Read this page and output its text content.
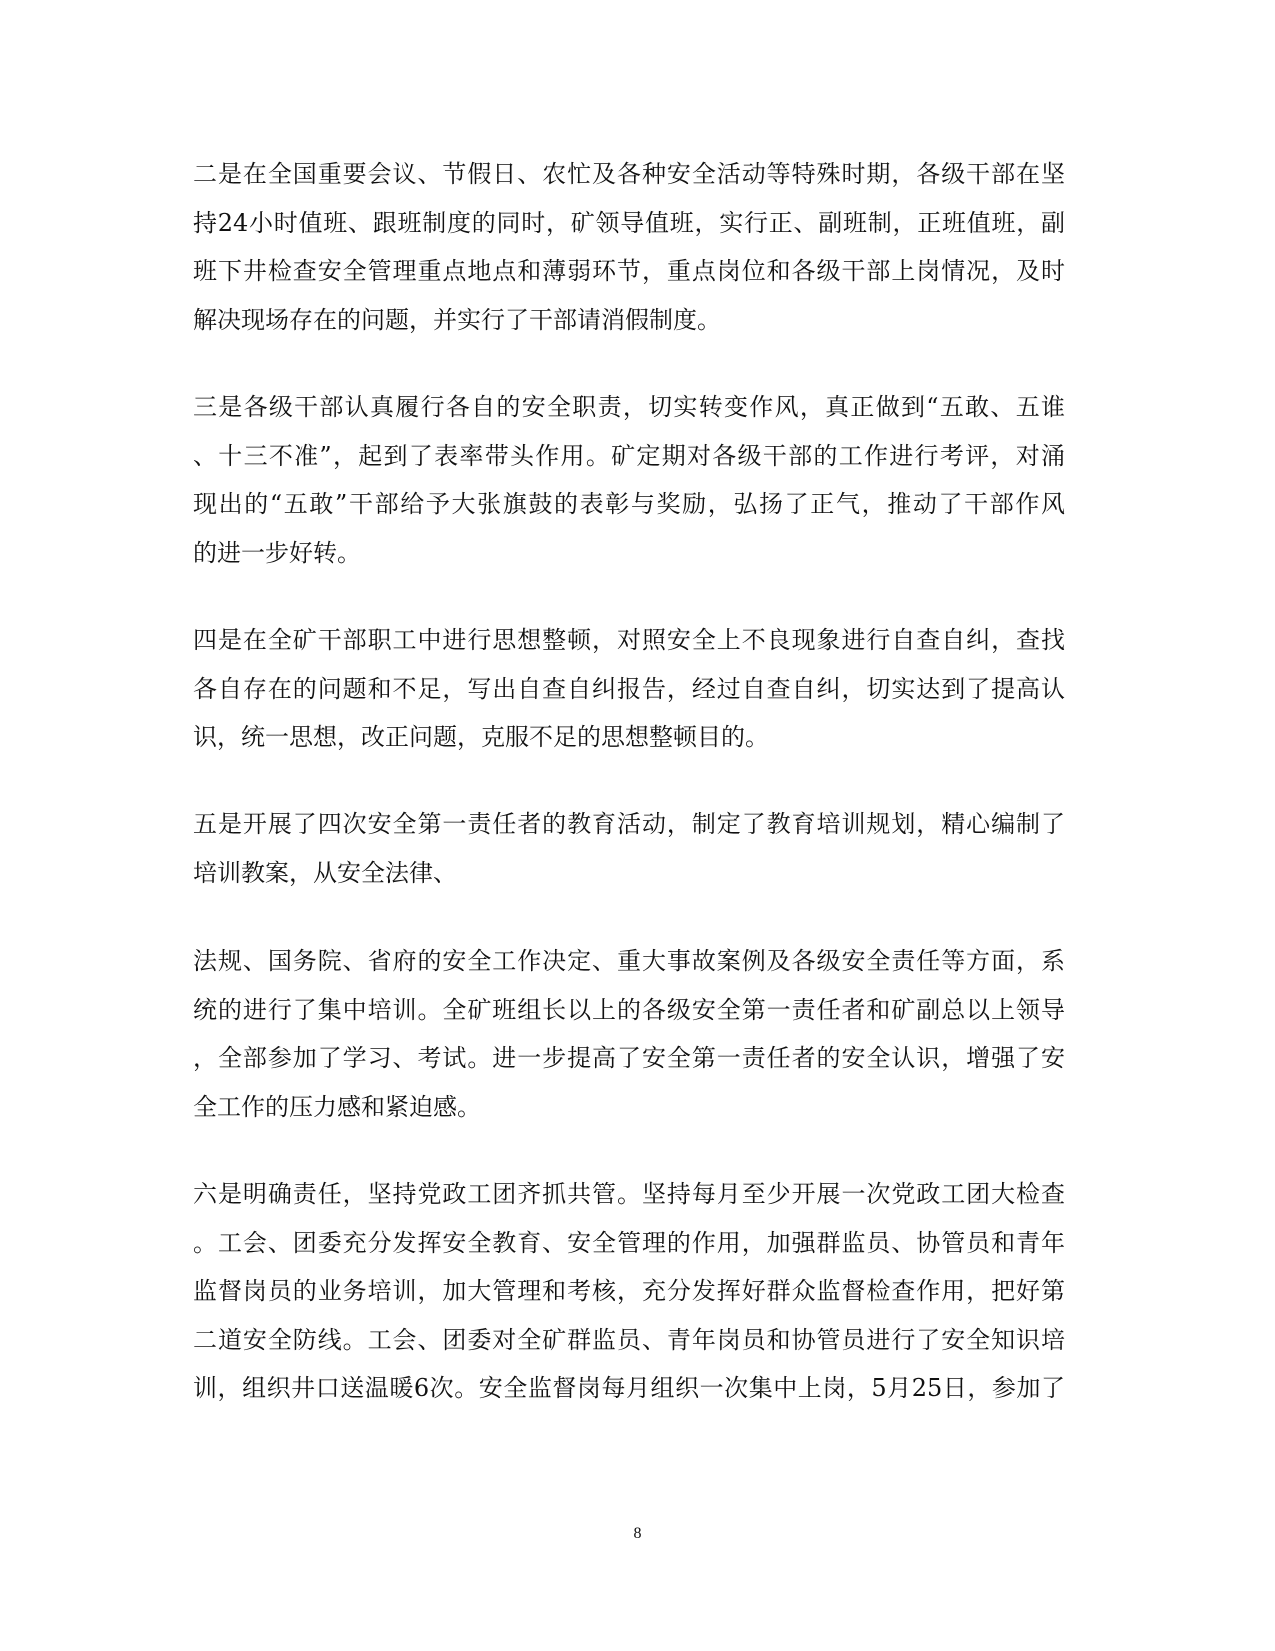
二是在全国重要会议、节假日、农忙及各种安全活动等特殊时期，各级干部在坚
持24小时值班、跟班制度的同时，矿领导值班，实行正、副班制，正班值班，副
班下井检查安全管理重点地点和薄弱环节，重点岗位和各级干部上岗情况，及时
解决现场存在的问题，并实行了干部请消假制度。
三是各级干部认真履行各自的安全职责，切实转变作风，真正做到“五敢、五谁
、十三不准”，起到了表率带头作用。矿定期对各级干部的工作进行考评，对涌
现出的“五敢”干部给予大张旗鼓的表彰与奖励，弘扬了正气，推动了干部作风
的进一步好转。
四是在全矿干部职工中进行思想整顿，对照安全上不良现象进行自查自纠，查找
各自存在的问题和不足，写出自查自纠报告，经过自查自纠，切实达到了提高认
识，统一思想，改正问题，克服不足的思想整顿目的。
五是开展了四次安全第一责任者的教育活动，制定了教育培训规划，精心编制了
培训教案，从安全法律、
法规、国务院、省府的安全工作决定、重大事故案例及各级安全责任等方面，系
统的进行了集中培训。全矿班组长以上的各级安全第一责任者和矿副总以上领导
，全部参加了学习、考试。进一步提高了安全第一责任者的安全认识，增强了安
全工作的压力感和紧迫感。
六是明确责任，坚持党政工团齐抓共管。坚持每月至少开展一次党政工团大检查
。工会、团委充分发挥安全教育、安全管理的作用，加强群监员、协管员和青年
监督岗员的业务培训，加大管理和考核，充分发挥好群众监督检查作用，把好第
二道安全防线。工会、团委对全矿群监员、青年岗员和协管员进行了安全知识培
训，组织井口送温暖6次。安全监督岗每月组织一次集中上岗，5月25日，参加了
8
